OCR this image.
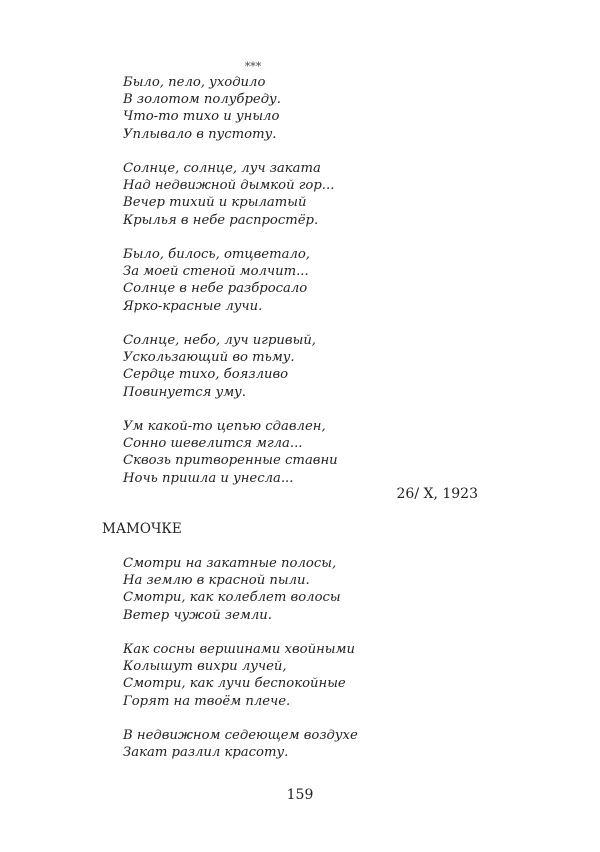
***
Было, пело, уходило
В золотом полубреду.
Что-то тихо и уныло
Уплывало в пустоту.
Солнце, солнце, луч заката
Над недвижной дымкой гор...
Вечер тихий и крылатый
Крылья в небе распростёр.
Было, билось, отцветало,
За моей стеной молчит...
Солнце в небе разбросало
Ярко-красные лучи.
Солнце, небо, луч игривый,
Ускользающий во тьму.
Сердце тихо, боязливо
Повинуется уму.
Ум какой-то цепью сдавлен,
Сонно шевелится мгла...
Сквозь притворенные ставни
Ночь пришла и унесла...
26/ X, 1923
МАМОЧКЕ
Смотри на закатные полосы,
На землю в красной пыли.
Смотри, как колеблет волосы
Ветер чужой земли.
Как сосны вершинами хвойными
Колышут вихри лучей,
Смотри, как лучи беспокойные
Горят на твоём плече.
В недвижном седеющем воздухе
Закат разлил красоту.
159
